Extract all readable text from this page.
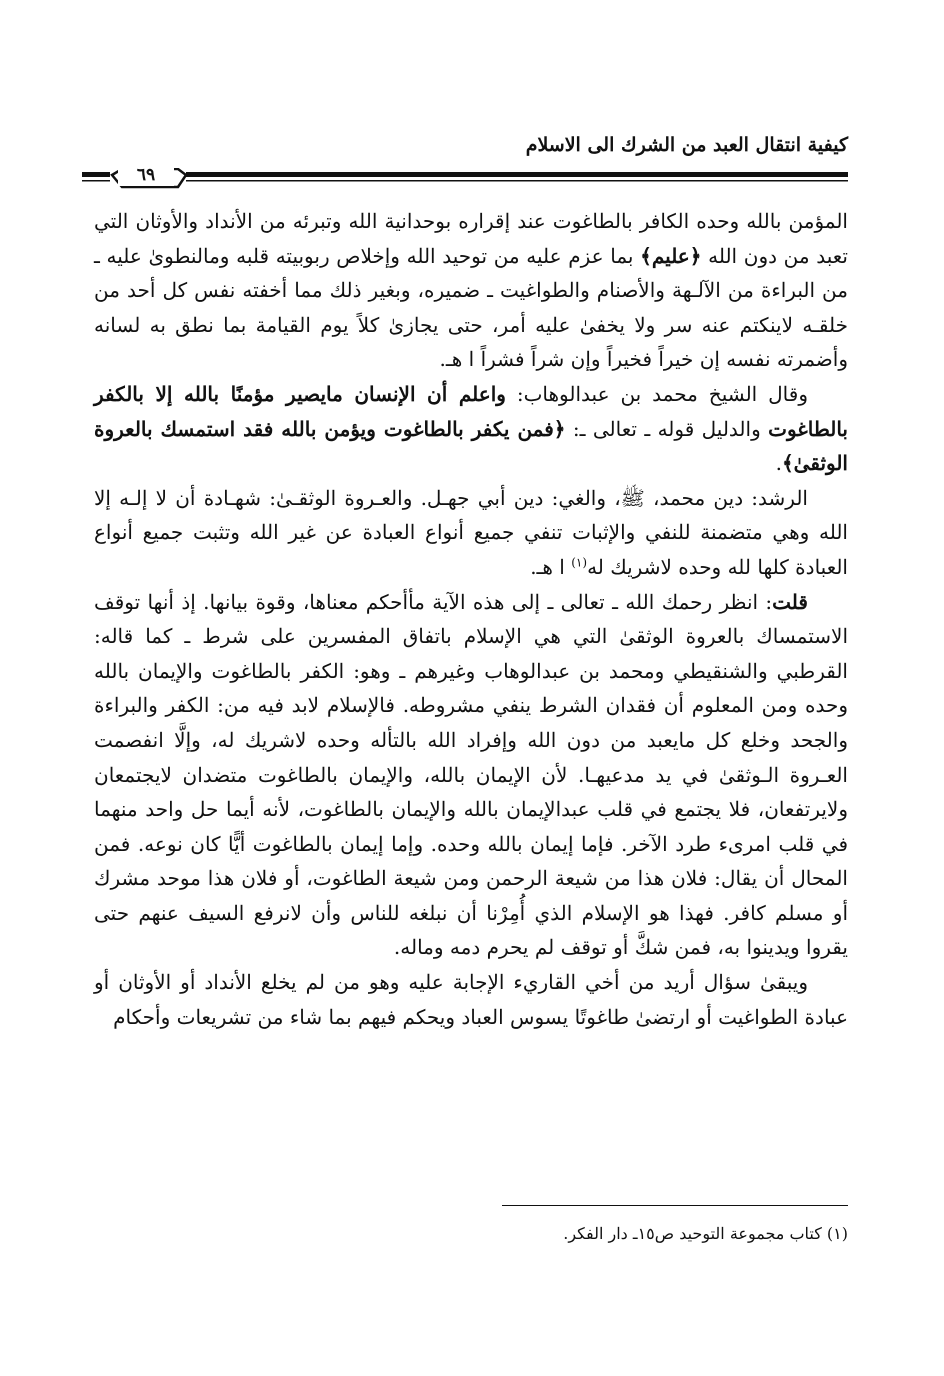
كيفية انتقال العبد من الشرك الى الاسلام
٦٩

المؤمن بالله وحده الكافر بالطاغوت عند إقراره بوحدانية الله وتبرئه من الأنداد والأوثان التي تعبد من دون الله ﴿عليم﴾ بما عزم عليه من توحيد الله وإخلاص ربوبيته قلبه ومالنطوىٰ عليه ـ من البراءة من الآلـهة والأصنام والطواغيت ـ ضميره، وبغير ذلك مما أخفته نفس كل أحد من خلقـه لاينكتم عنه سر ولا يخفىٰ عليه أمر، حتى يجازىٰ كلاً يوم القيامة بما نطق به لسانه وأضمرته نفسه إن خيراً فخيراً وإن شراً فشراً ا هـ.

وقال الشيخ محمد بن عبدالوهاب: واعلم أن الإنسان مايصير مؤمنًا بالله إلا بالكفر بالطاغوت والدليل قوله ـ تعالى ـ: ﴿فمن يكفر بالطاغوت ويؤمن بالله فقد استمسك بالعروة الوثقىٰ﴾.

الرشد: دين محمد، ﷺ، والغي: دين أبي جهـل. والعـروة الوثقـىٰ: شهـادة أن لا إلـه إلا الله وهي متضمنة للنفي والإثبات تنفي جميع أنواع العبادة عن غير الله وتثبت جميع أنواع العبادة كلها لله وحده لاشريك له$^{(١)}$ ا هـ.

قلت: انظر رحمك الله ـ تعالى ـ إلى هذه الآية مأأحكم معناها، وقوة بيانها. إذ أنها توقف الاستمساك بالعروة الوثقىٰ التي هي الإسلام باتفاق المفسرين على شرط ـ كما قاله: القرطبي والشنقيطي ومحمد بن عبدالوهاب وغيرهم ـ وهو: الكفر بالطاغوت والإيمان بالله وحده ومن المعلوم أن فقدان الشرط ينفي مشروطه. فالإسلام لابد فيه من: الكفر والبراءة والجحد وخلع كل مايعبد من دون الله وإفراد الله بالتأله وحده لاشريك له، وإلَّا انفصمت العـروة الـوثقىٰ في يد مدعيهـا. لأن الإيمان بالله، والإيمان بالطاغوت متضدان لايجتمعان ولايرتفعان، فلا يجتمع في قلب عبدالإيمان بالله والإيمان بالطاغوت، لأنه أيما حل واحد منهما في قلب امرىء طرد الآخر. فإما إيمان بالله وحده. وإما إيمان بالطاغوت أيًّا كان نوعه. فمن المحال أن يقال: فلان هذا من شيعة الرحمن ومن شيعة الطاغوت، أو فلان هذا موحد مشرك أو مسلم كافر. فهذا هو الإسلام الذي أُمِرْنا أن نبلغه للناس وأن لانرفع السيف عنهم حتى يقروا ويدينوا به، فمن شكَّ أو توقف لم يحرم دمه وماله.

ويبقىٰ سؤال أريد من أخي القاريء الإجابة عليه وهو من لم يخلع الأنداد أو الأوثان أو عبادة الطواغيت أو ارتضىٰ طاغوتًا يسوس العباد ويحكم فيهم بما شاء من تشريعات وأحكام

(١) كتاب مجموعة التوحيد ص١٥ـ دار الفكر.
